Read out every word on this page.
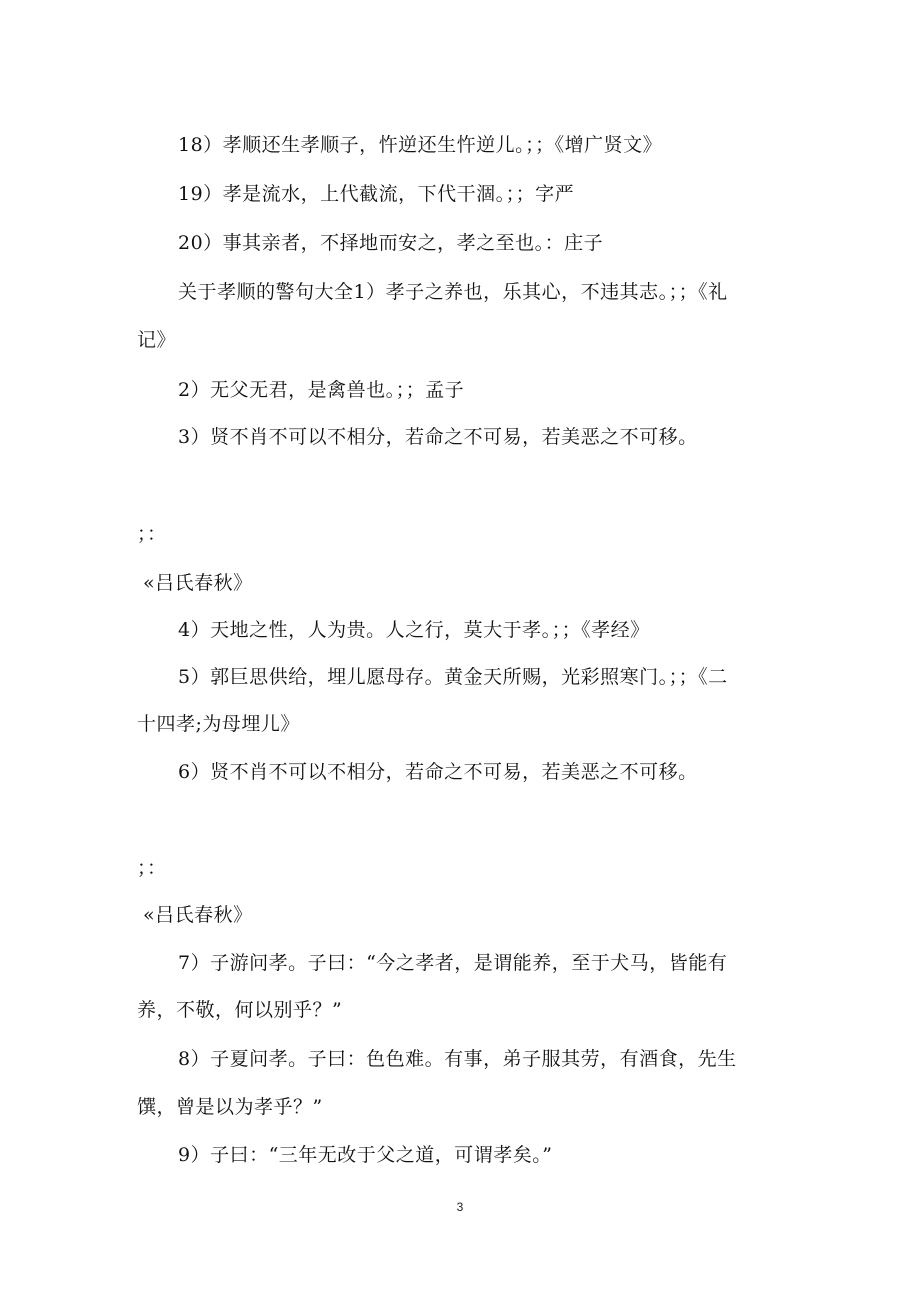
18）孝顺还生孝顺子，忤逆还生忤逆儿。；；《增广贤文》
19）孝是流水，上代截流，下代干涸。；；字严
20）事其亲者，不择地而安之，孝之至也。：庄子
关于孝顺的警句大全1）孝子之养也，乐其心，不违其志。；；《礼
记》
2）无父无君，是禽兽也。；；孟子
3）贤不肖不可以不相分，若命之不可易，若美恶之不可移。
；：
«吕氏春秋》
4）天地之性，人为贵。人之行，莫大于孝。；；《孝经》
5）郭巨思供给，埋儿愿母存。黄金天所赐，光彩照寒门。；；《二
十四孝;为母埋儿》
6）贤不肖不可以不相分，若命之不可易，若美恶之不可移。
；：
«吕氏春秋》
7）子游问孝。子曰：“今之孝者，是谓能养，至于犬马，皆能有
养，不敬，何以别乎？”
8）子夏问孝。子曰：色色难。有事，弟子服其劳，有酒食，先生
馔，曾是以为孝乎？”
9）子曰：“三年无改于父之道，可谓孝矣。”
3
